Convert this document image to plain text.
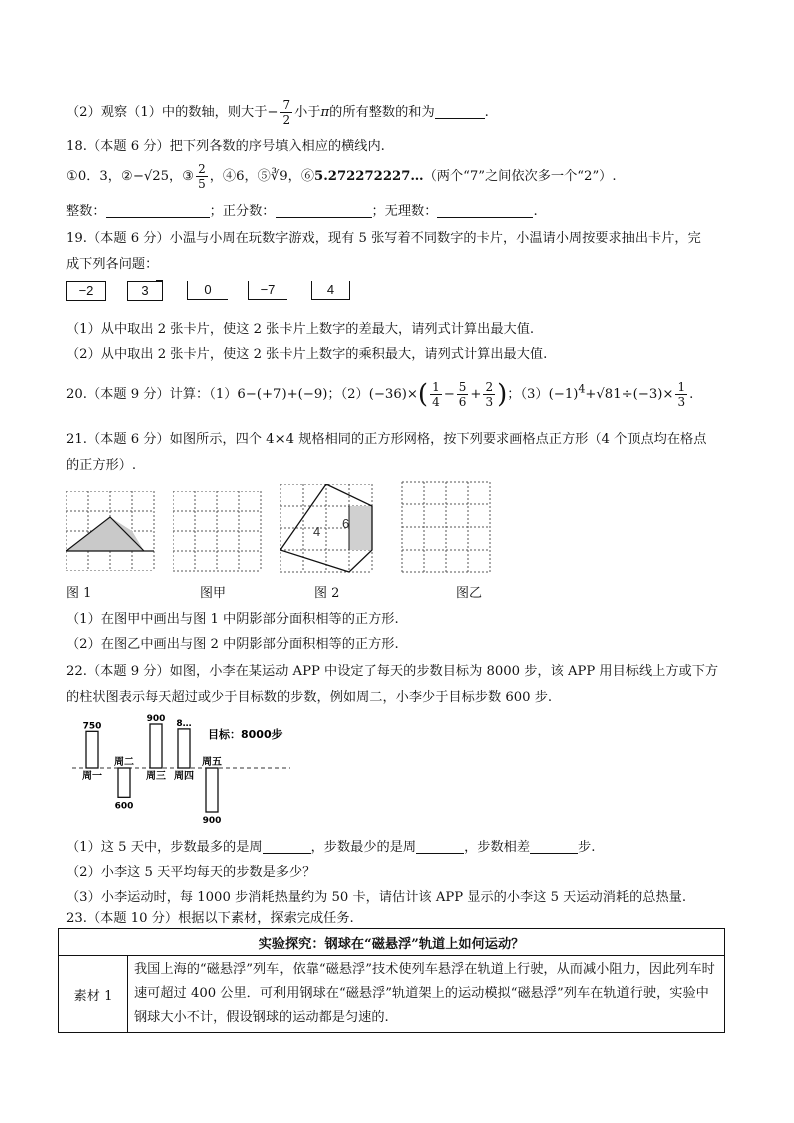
（2）观察（1）中的数轴，则大于− $\frac{7}{2}$ 小于π的所有整数的和为	.
18.（本题 6 分）把下列各数的序号填入相应的横线内.
①0．3，②−√25，③ $\frac{2}{5}$ ，④6，⑤∛9，⑥5.272272227…（两个“7”之间依次多一个“2”）.
整数：	；正分数：	；无理数：	.
19.（本题 6 分）小温与小周在玩数字游戏，现有 5 张写着不同数字的卡片，小温请小周按要求抽出卡片，完
成下列各问题：
−2	3	0	−7	4
（1）从中取出 2 张卡片，使这 2 张卡片上数字的差最大，请列式计算出最大值.
（2）从中取出 2 张卡片，使这 2 张卡片上数字的乘积最大，请列式计算出最大值.
20.（本题 9 分）计算：（1）6−(+7)+(−9)；$(2)(-36)\times( \frac{1}{4} - \frac{5}{6} + \frac{2}{3}$ )；$(3)(-1)^4+√81\div(-3)\times \frac{1}{3}$ .
21.（本题 6 分）如图所示，四个 4×4 规格相同的正方形网格，按下列要求画格点正方形（4 个顶点均在格点
的正方形）.
图 1	图甲
4
6
图 2	图乙
（1）在图甲中画出与图 1 中阴影部分面积相等的正方形.
（2）在图乙中画出与图 2 中阴影部分面积相等的正方形.
22.（本题 9 分）如图，小李在某运动 APP 中设定了每天的步数目标为 8000 步，该 APP 用目标线上方或下方
的柱状图表示每天超过或少于目标数的步数，例如周二，小李少于目标步数 600 步.
750
周一
600
周二
900
周三
8…
周四
900
周五
目标：8000步
（1）这 5 天中，步数最多的是周	，步数最少的是周	，步数相差	步.
（2）小李这 5 天平均每天的步数是多少？
（3）小李运动时，每 1000 步消耗热量约为 50 卡，请估计该 APP 显示的小李这 5 天运动消耗的总热量.
23.（本题 10 分）根据以下素材，探索完成任务.
实验探究：钢球在“磁悬浮”轨道上如何运动？
素材 1	我国上海的“磁悬浮”列车，依靠“磁悬浮”技术使列车悬浮在轨道上行驶，从而减小阻力，因此列车时速可超过 400 公里．可利用钢球在“磁悬浮”轨道架上的运动模拟“磁悬浮”列车在轨道行驶，实验中钢球大小不计，假设钢球的运动都是匀速的.
